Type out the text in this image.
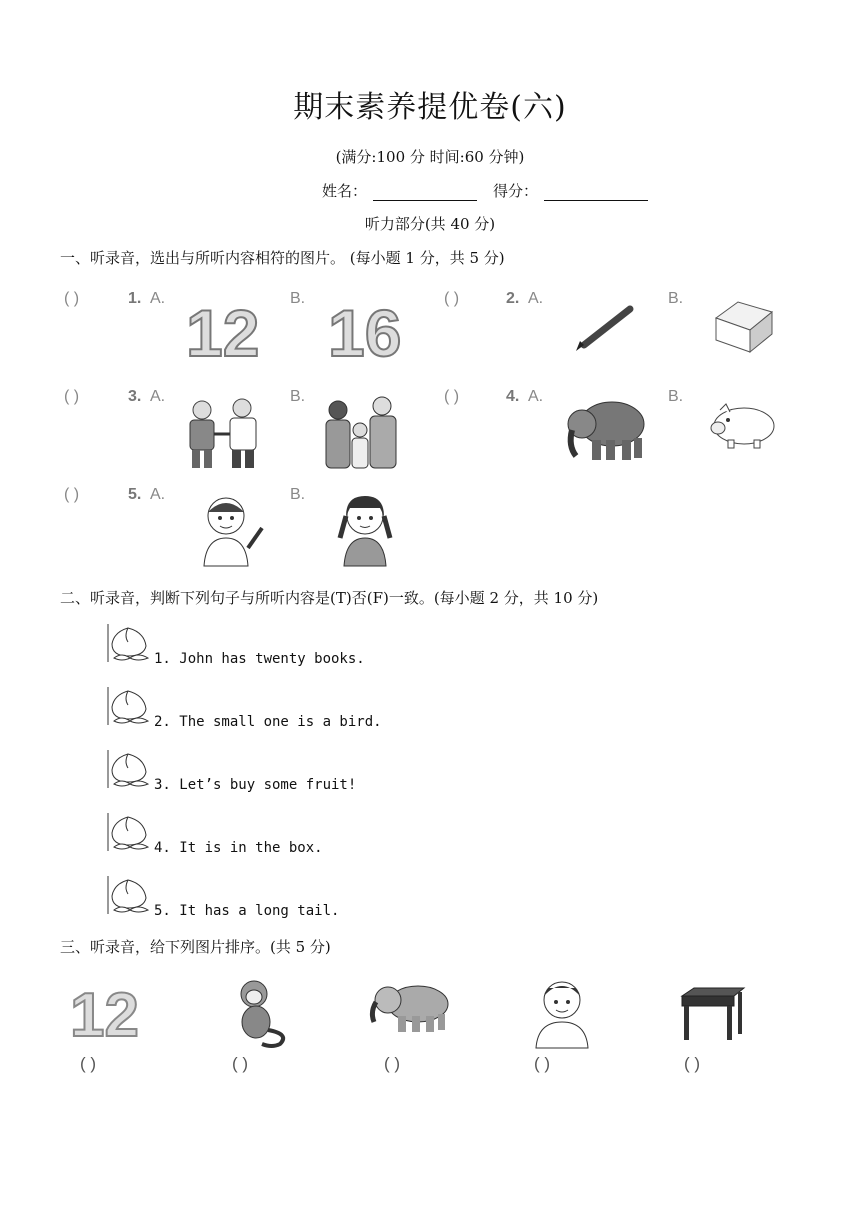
期末素养提优卷(六)
(满分:100 分 时间:60 分钟)
姓名：	得分：
听力部分(共 40 分)
一、听录音，选出与所听内容相符的图片。 (每小题 1 分，共 5 分)
( )	1. A. 12 B. 16	( )	2. A.	B.
( )	3. A.	B.	( )	4. A.	B.
( )	5. A.	B.
二、听录音，判断下列句子与所听内容是(T)否(F)一致。(每小题 2 分，共 10 分)
1. John has twenty books.
2. The small one is a bird.
3. Let’s buy some fruit!
4. It is in the box.
5. It has a long tail.
三、听录音，给下列图片排序。(共 5 分)
12
( )	( )	( )	( )	( )
